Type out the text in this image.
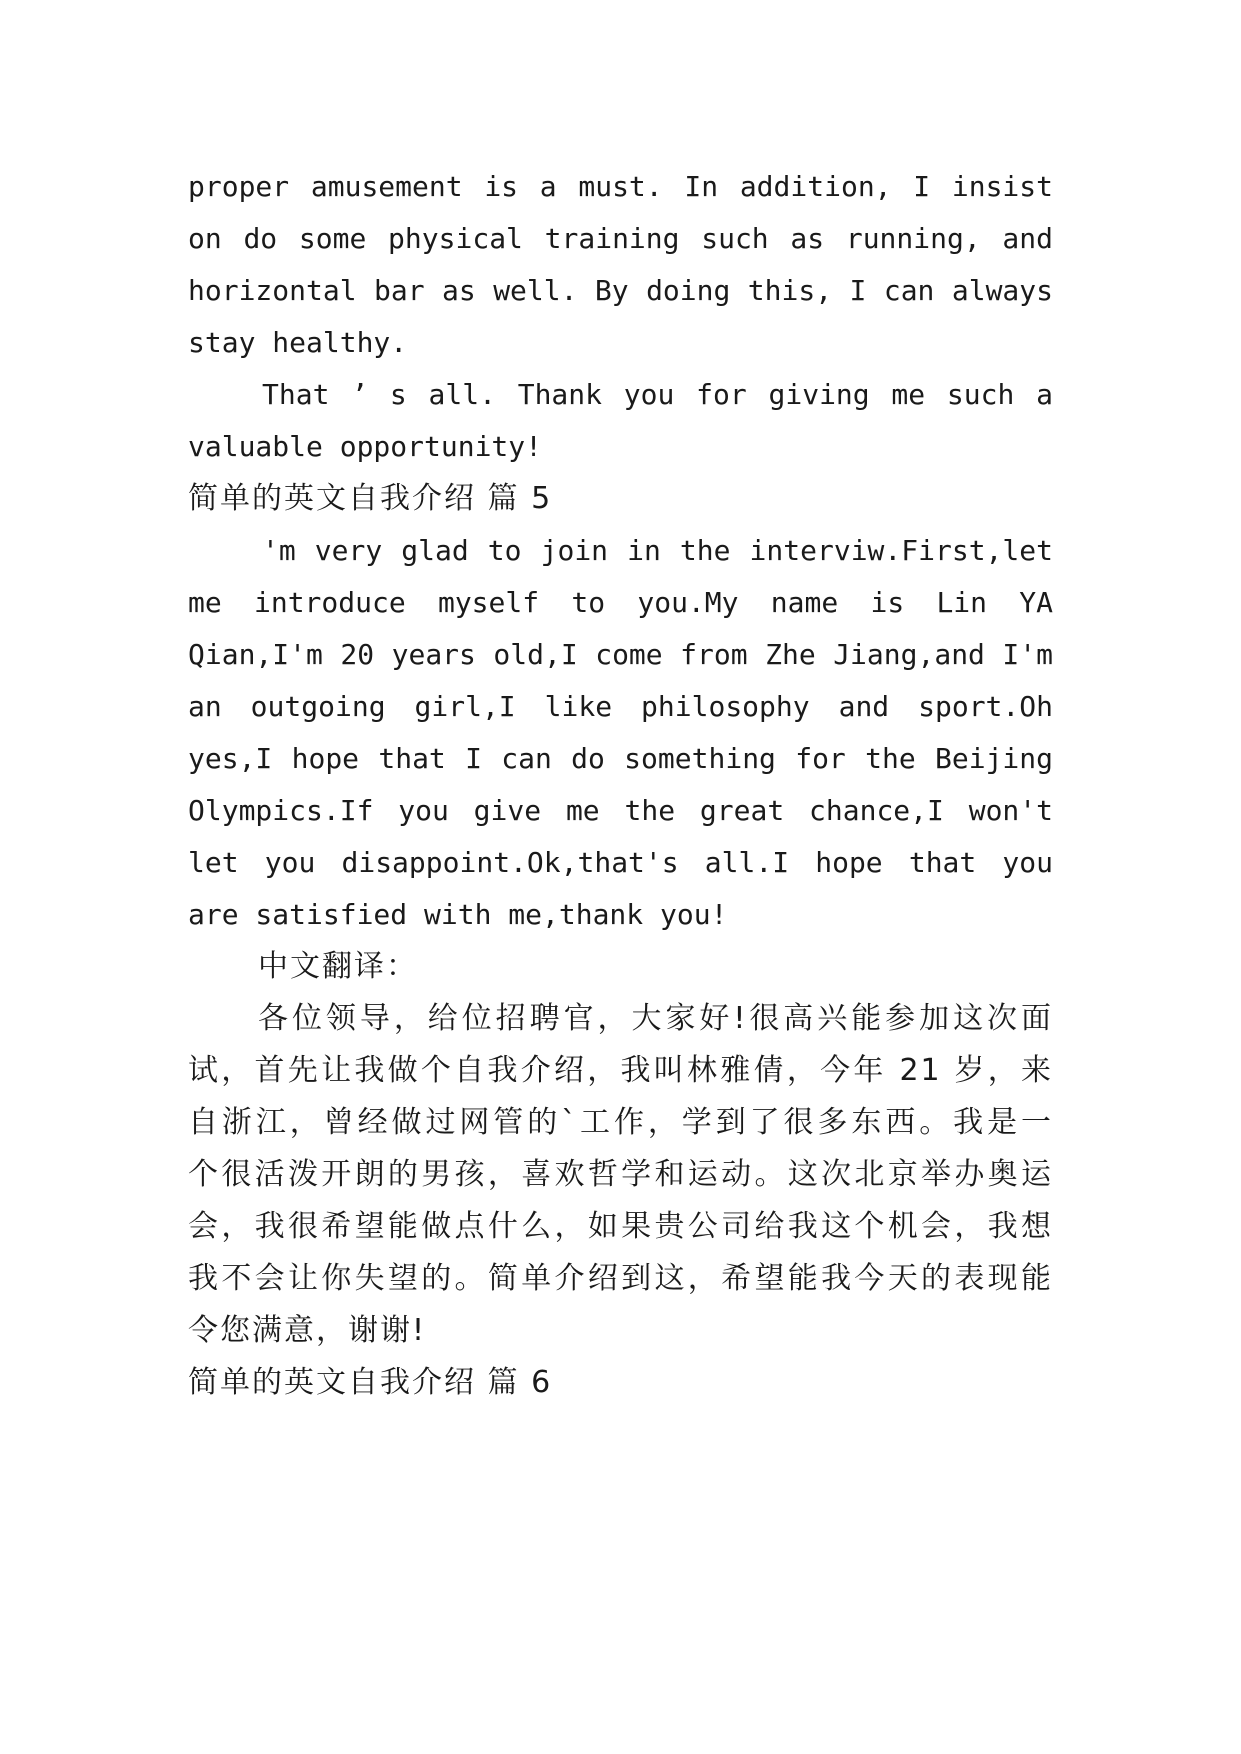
proper amusement is a must. In addition, I insist
on do some physical training such as running, and
horizontal bar as well. By doing this, I can always
stay healthy.
That ’ s all. Thank you for giving me such a
valuable opportunity!
简单的英文自我介绍 篇 5
'm very glad to join in the interviw.First,let
me introduce myself to you.My name is Lin YA
Qian,I'm 20 years old,I come from Zhe Jiang,and I'm
an outgoing girl,I like philosophy and sport.Oh
yes,I hope that I can do something for the Beijing
Olympics.If you give me the great chance,I won't
let you disappoint.Ok,that's all.I hope that you
are satisfied with me,thank you!
中文翻译：
各位领导，给位招聘官，大家好!很高兴能参加这次面
试，首先让我做个自我介绍，我叫林雅倩，今年 21 岁，来
自浙江，曾经做过网管的`工作，学到了很多东西。我是一
个很活泼开朗的男孩，喜欢哲学和运动。这次北京举办奥运
会，我很希望能做点什么，如果贵公司给我这个机会，我想
我不会让你失望的。简单介绍到这，希望能我今天的表现能
令您满意，谢谢!
简单的英文自我介绍 篇 6
